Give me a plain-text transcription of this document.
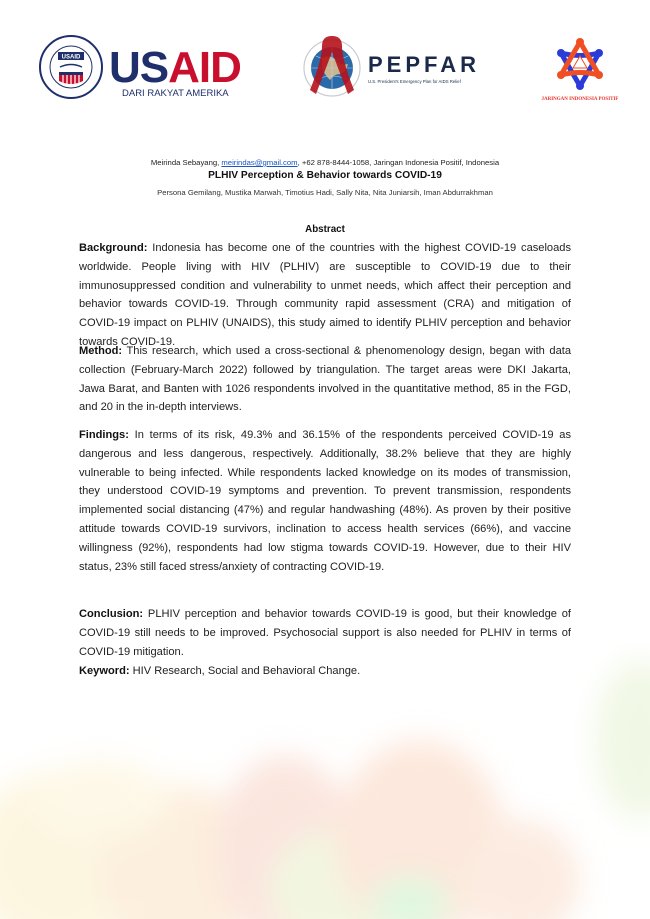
USAID USAID
DARI RAKYAT AMERIKA
PEPFAR
U.S. President's Emergency Plan for AIDS Relief
JARINGAN INDONESIA POSITIF
Meirinda Sebayang, meirindas@gmail.com, +62 878-8444-1058, Jaringan Indonesia Positif, Indonesia
PLHIV Perception & Behavior towards COVID-19
Persona Gemilang, Mustika Marwah, Timotius Hadi, Sally Nita, Nita Juniarsih, Iman Abdurrakhman
Abstract

Background: Indonesia has become one of the countries with the highest COVID-19 caseloads worldwide. People living with HIV (PLHIV) are susceptible to COVID-19 due to their immunosuppressed condition and vulnerability to unmet needs, which affect their perception and behavior towards COVID-19. Through community rapid assessment (CRA) and mitigation of COVID-19 impact on PLHIV (UNAIDS), this study aimed to identify PLHIV perception and behavior towards COVID-19.

Method: This research, which used a cross-sectional & phenomenology design, began with data collection (February-March 2022) followed by triangulation. The target areas were DKI Jakarta, Jawa Barat, and Banten with 1026 respondents involved in the quantitative method, 85 in the FGD, and 20 in the in-depth interviews.

Findings: In terms of its risk, 49.3% and 36.15% of the respondents perceived COVID-19 as dangerous and less dangerous, respectively. Additionally, 38.2% believe that they are highly vulnerable to being infected. While respondents lacked knowledge on its modes of transmission, they understood COVID-19 symptoms and prevention. To prevent transmission, respondents implemented social distancing (47%) and regular handwashing (48%). As proven by their positive attitude towards COVID-19 survivors, inclination to access health services (66%), and vaccine willingness (92%), respondents had low stigma towards COVID-19. However, due to their HIV status, 23% still faced stress/anxiety of contracting COVID-19.

Conclusion: PLHIV perception and behavior towards COVID-19 is good, but their knowledge of COVID-19 still needs to be improved. Psychosocial support is also needed for PLHIV in terms of COVID-19 mitigation.

Keyword: HIV Research, Social and Behavioral Change.
